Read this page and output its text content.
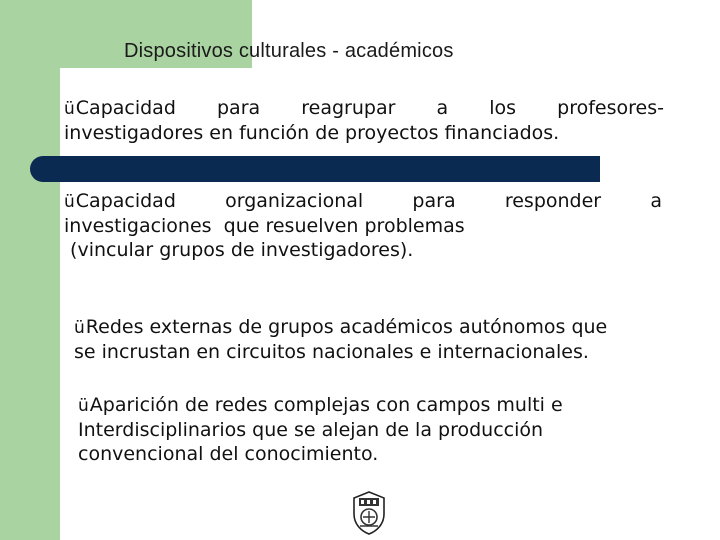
Dispositivos culturales - académicos

üCapacidad para reagrupar a los profesores-
investigadores en función de proyectos financiados.

üCapacidad organizacional para responder a
investigaciones  que resuelven problemas
(vincular grupos de investigadores).

üRedes externas de grupos académicos autónomos que
se incrustan en circuitos nacionales e internacionales.

üAparición de redes complejas con campos multi e
Interdisciplinarios que se alejan de la producción
convencional del conocimiento.
